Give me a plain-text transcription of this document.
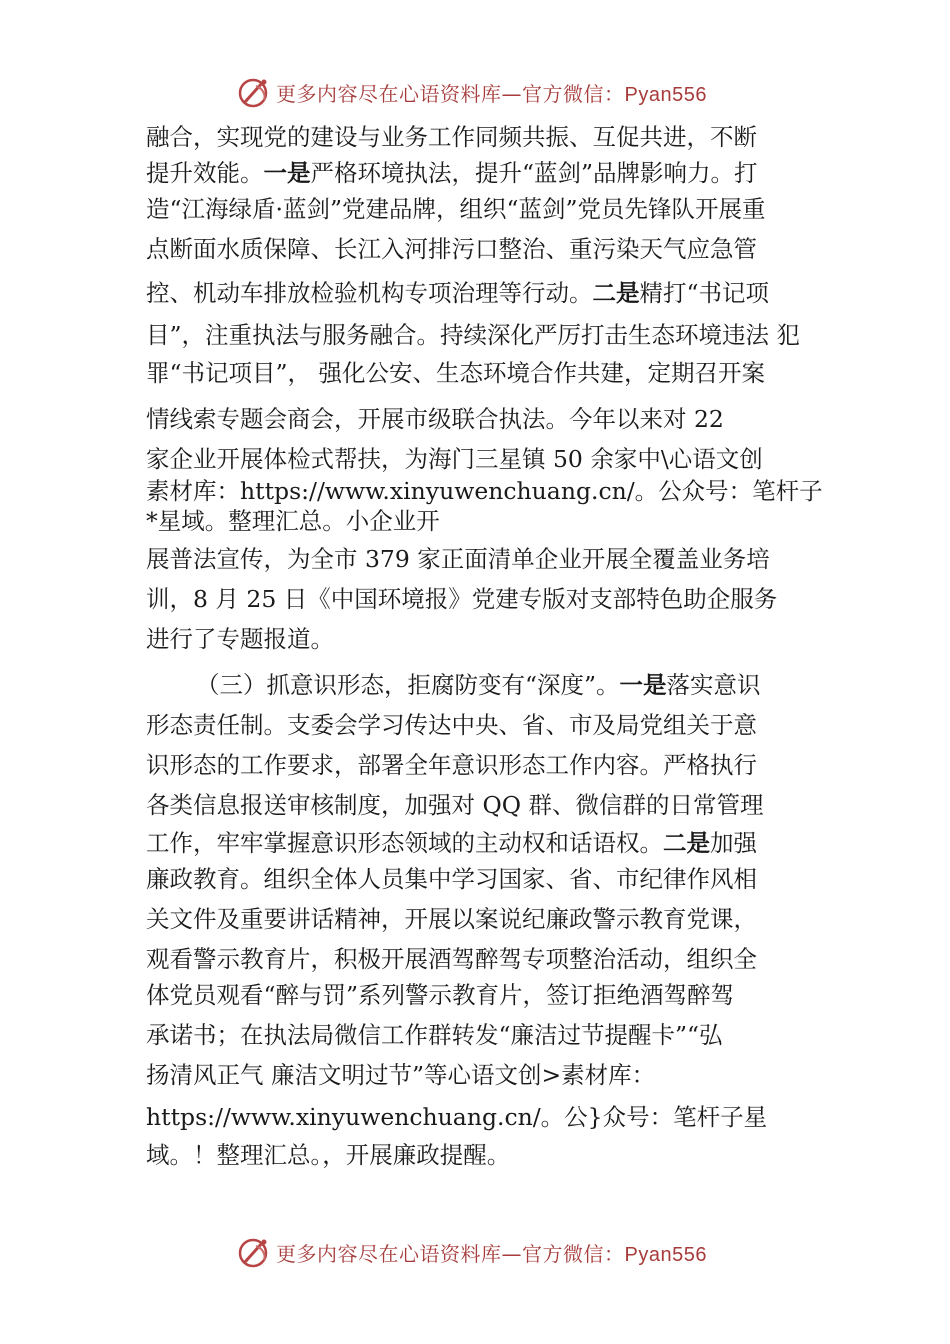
更多内容尽在心语资料库—官方微信：Pyan556
融合，实现党的建设与业务工作同频共振、互促共进，不断
提升效能。一是严格环境执法，提升“蓝剑”品牌影响力。打
造“江海绿盾·蓝剑”党建品牌，组织“蓝剑”党员先锋队开展重
点断面水质保障、长江入河排污口整治、重污染天气应急管
控、机动车排放检验机构专项治理等行动。二是精打“书记项
目”，注重执法与服务融合。持续深化严厉打击生态环境违法 犯
罪“书记项目”， 强化公安、生态环境合作共建，定期召开案
情线索专题会商会，开展市级联合执法。今年以来对 22
家企业开展体检式帮扶，为海门三星镇 50 余家中\心语文创
素材库：https://www.xinyuwenchuang.cn/。公众号：笔杆子
*星域。整理汇总。小企业开
展普法宣传，为全市 379 家正面清单企业开展全覆盖业务培
训，8 月 25 日《中国环境报》党建专版对支部特色助企服务
进行了专题报道。
（三）抓意识形态，拒腐防变有“深度”。一是落实意识
形态责任制。支委会学习传达中央、省、市及局党组关于意
识形态的工作要求，部署全年意识形态工作内容。严格执行
各类信息报送审核制度，加强对 QQ 群、微信群的日常管理
工作，牢牢掌握意识形态领域的主动权和话语权。二是加强
廉政教育。组织全体人员集中学习国家、省、市纪律作风相
关文件及重要讲话精神，开展以案说纪廉政警示教育党课，
观看警示教育片，积极开展酒驾醉驾专项整治活动，组织全
体党员观看“醉与罚”系列警示教育片，签订拒绝酒驾醉驾
承诺书；在执法局微信工作群转发“廉洁过节提醒卡”“弘
扬清风正气 廉洁文明过节”等心语文创>素材库：
https://www.xinyuwenchuang.cn/。公}众号：笔杆子星
域。！整理汇总。，开展廉政提醒。
更多内容尽在心语资料库—官方微信：Pyan556
